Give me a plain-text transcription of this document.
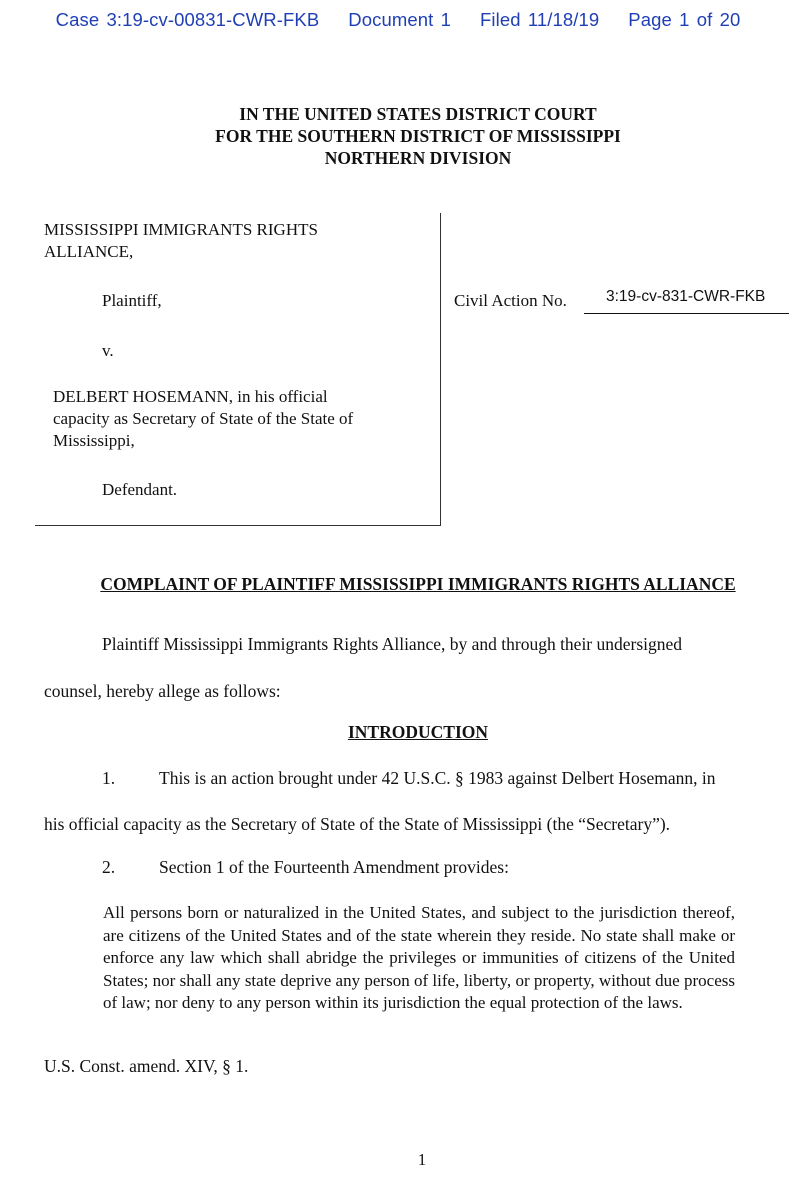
Case 3:19-cv-00831-CWR-FKB Document 1 Filed 11/18/19 Page 1 of 20
IN THE UNITED STATES DISTRICT COURT
FOR THE SOUTHERN DISTRICT OF MISSISSIPPI
NORTHERN DIVISION
MISSISSIPPI IMMIGRANTS RIGHTS
ALLIANCE,
Plaintiff,
v.
DELBERT HOSEMANN, in his official
capacity as Secretary of State of the State of
Mississippi,
Defendant.
Civil Action No.	3:19-cv-831-CWR-FKB
COMPLAINT OF PLAINTIFF MISSISSIPPI IMMIGRANTS RIGHTS ALLIANCE
Plaintiff Mississippi Immigrants Rights Alliance, by and through their undersigned
counsel, hereby allege as follows:
INTRODUCTION
1.	This is an action brought under 42 U.S.C. § 1983 against Delbert Hosemann, in
his official capacity as the Secretary of State of the State of Mississippi (the “Secretary”).
2.	Section 1 of the Fourteenth Amendment provides:
All persons born or naturalized in the United States, and subject to the jurisdiction thereof, are citizens of the United States and of the state wherein they reside. No state shall make or enforce any law which shall abridge the privileges or immunities of citizens of the United States; nor shall any state deprive any person of life, liberty, or property, without due process of law; nor deny to any person within its jurisdiction the equal protection of the laws.
U.S. Const. amend. XIV, § 1.
1
